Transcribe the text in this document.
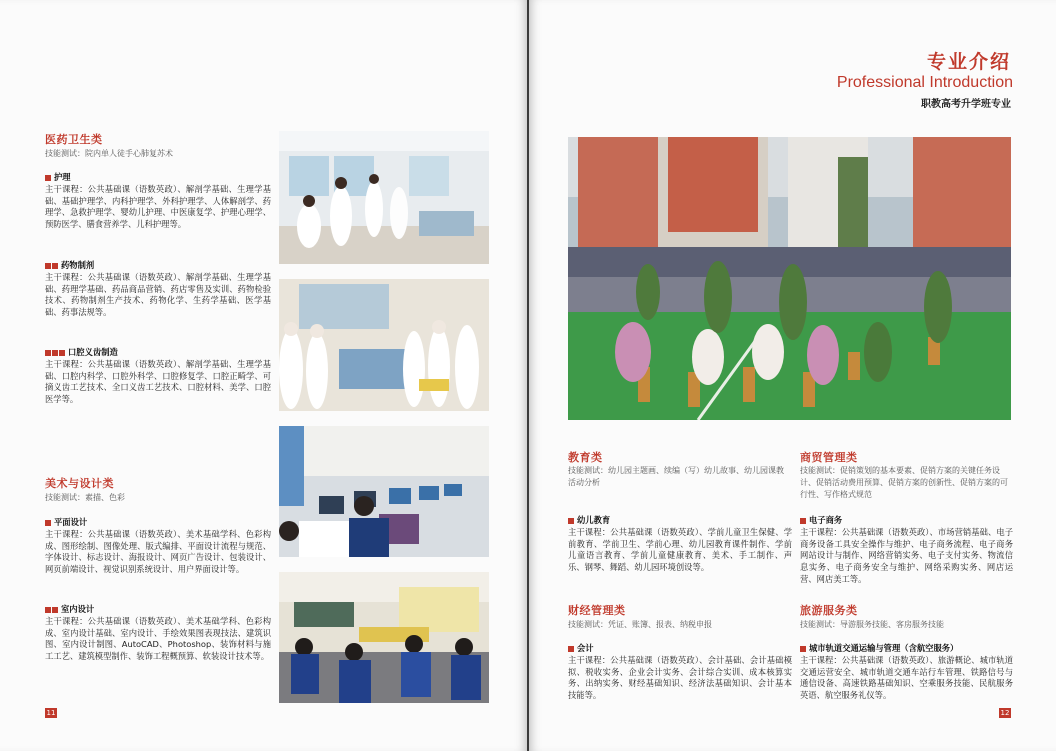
医药卫生类
技能测试：院内单人徒手心肺复苏术
护理

主干课程：公共基础课（语数英政）、解剖学基础、生理学基础、基础护理学、内科护理学、外科护理学、人体解剖学、药理学、急救护理学、婴幼儿护理、中医康复学、护理心理学、预防医学、膳食营养学、儿科护理等。

药物制剂

主干课程：公共基础课（语数英政）、解剖学基础、生理学基础、药理学基础、药品商品营销、药店零售及实训、药物检验技术、药物制剂生产技术、药物化学、生药学基础、医学基础、药事法规等。

口腔义齿制造

主干课程：公共基础课（语数英政）、解剖学基础、生理学基础、口腔内科学、口腔外科学、口腔修复学、口腔正畸学、可摘义齿工艺技术、全口义齿工艺技术、口腔材料、美学、口腔医学等。

美术与设计类
技能测试：素描、色彩
平面设计

主干课程：公共基础课（语数英政）、美术基础学科、色彩构成、图形绘制、图像处理、版式编排、平面设计流程与规范、字体设计、标志设计、海报设计、网页广告设计、包装设计、网页前端设计、视觉识别系统设计、用户界面设计等。

室内设计

主干课程：公共基础课（语数英政）、美术基础学科、色彩构成、室内设计基础、室内设计、手绘效果图表现技法、建筑识图、室内设计制图、AutoCAD、Photoshop、装饰材料与施工工艺、建筑模型制作、装饰工程概预算、软装设计技术等。

11
专业介绍
Professional Introduction
职教高考升学班专业
教育类
技能测试：幼儿园主题画、续编（写）幼儿故事、幼儿园课教活动分析
幼儿教育

主干课程：公共基础课（语数英政）、学前儿童卫生保健、学前教育、学前卫生、学前心理、幼儿园教育课件制作、学前儿童语言教育、学前儿童健康教育、美术、手工制作、声乐、钢琴、舞蹈、幼儿园环境创设等。

财经管理类
技能测试：凭证、账簿、报表、纳税申报
会计

主干课程：公共基础课（语数英政）、会计基础、会计基础模拟、税收实务、企业会计实务、会计综合实训、成本核算实务、出纳实务、财经基础知识、经济法基础知识、会计基本技能等。

商贸管理类
技能测试：促销策划的基本要素、促销方案的关键任务设计、促销活动费用预算、促销方案的创新性、促销方案的可行性、写作格式规范
电子商务

主干课程：公共基础课（语数英政）、市场营销基础、电子商务设备工具安全操作与维护、电子商务流程、电子商务网站设计与制作、网络营销实务、电子支付实务、物流信息实务、电子商务安全与维护、网络采购实务、网店运营、网店美工等。

旅游服务类
技能测试：导游服务技能、客房服务技能
城市轨道交通运输与管理（含航空服务）

主干课程：公共基础课（语数英政）、旅游概论、城市轨道交通运营安全、城市轨道交通车站行车管理、铁路信号与通信设备、高速铁路基础知识、空乘服务技能、民航服务英语、航空服务礼仪等。

12
